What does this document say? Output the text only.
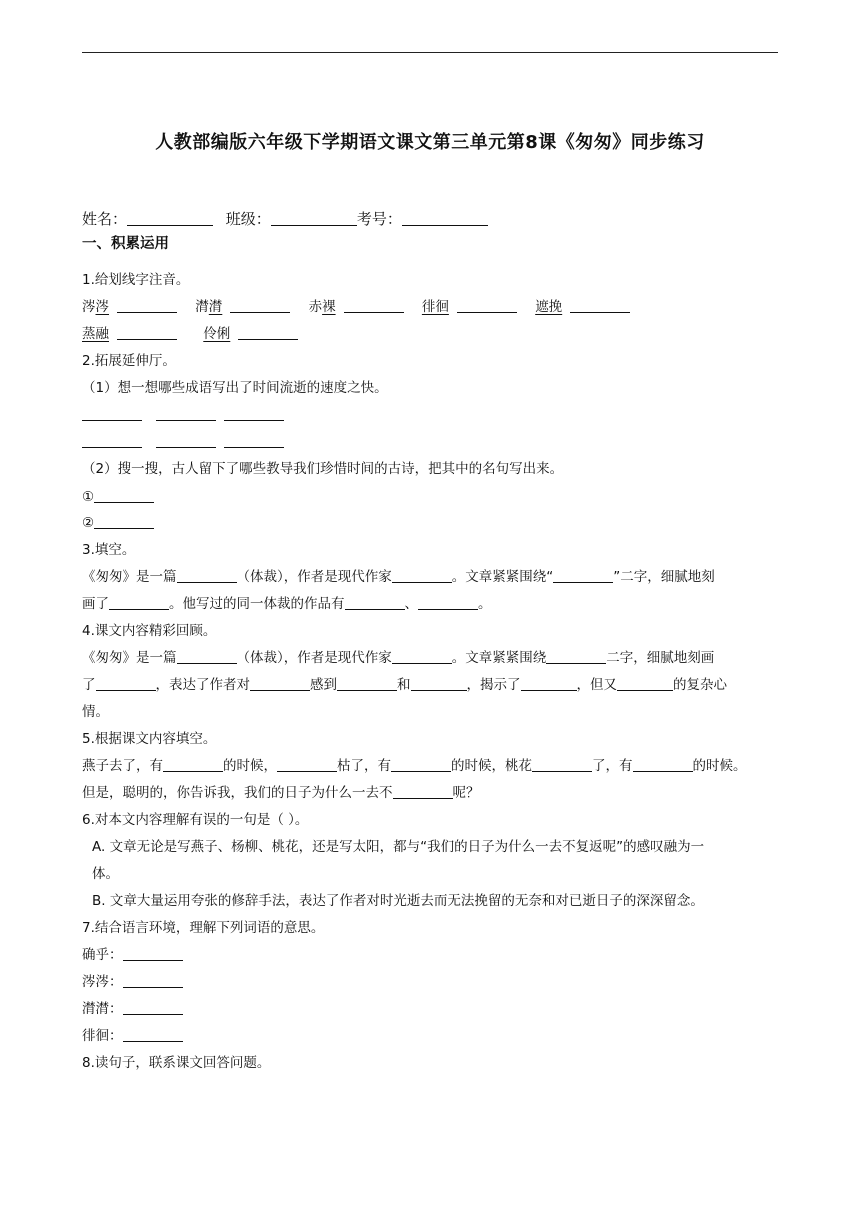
人教部编版六年级下学期语文课文第三单元第8课《匆匆》同步练习
姓名：	班级：	考号：
一、积累运用
1.给划线字注音。
涔涔	潸潸	赤裸	徘徊	遮挽
蒸融	伶俐
2.拓展延伸厅。
（1）想一想哪些成语写出了时间流逝的速度之快。
（2）搜一搜，古人留下了哪些教导我们珍惜时间的古诗，把其中的名句写出来。
①
②
3.填空。
《匆匆》是一篇	（体裁），作者是现代作家	。文章紧紧围绕“	”二字，细腻地刻
画了	。他写过的同一体裁的作品有	、	。
4.课文内容精彩回顾。
《匆匆》是一篇	（体裁），作者是现代作家	。文章紧紧围绕	二字，细腻地刻画
了	，表达了作者对	感到	和	，揭示了	，但又	的复杂心
情。
5.根据课文内容填空。
燕子去了，有	的时候，	枯了，有	的时候，桃花	了，有	的时候。
但是，聪明的，你告诉我，我们的日子为什么一去不	呢？
6.对本文内容理解有误的一句是（ ）。
A. 文章无论是写燕子、杨柳、桃花，还是写太阳，都与“我们的日子为什么一去不复返呢”的感叹融为一
体。
B. 文章大量运用夸张的修辞手法，表达了作者对时光逝去而无法挽留的无奈和对已逝日子的深深留念。
7.结合语言环境，理解下列词语的意思。
确乎：
涔涔：
潸潸：
徘徊：
8.读句子，联系课文回答问题。
